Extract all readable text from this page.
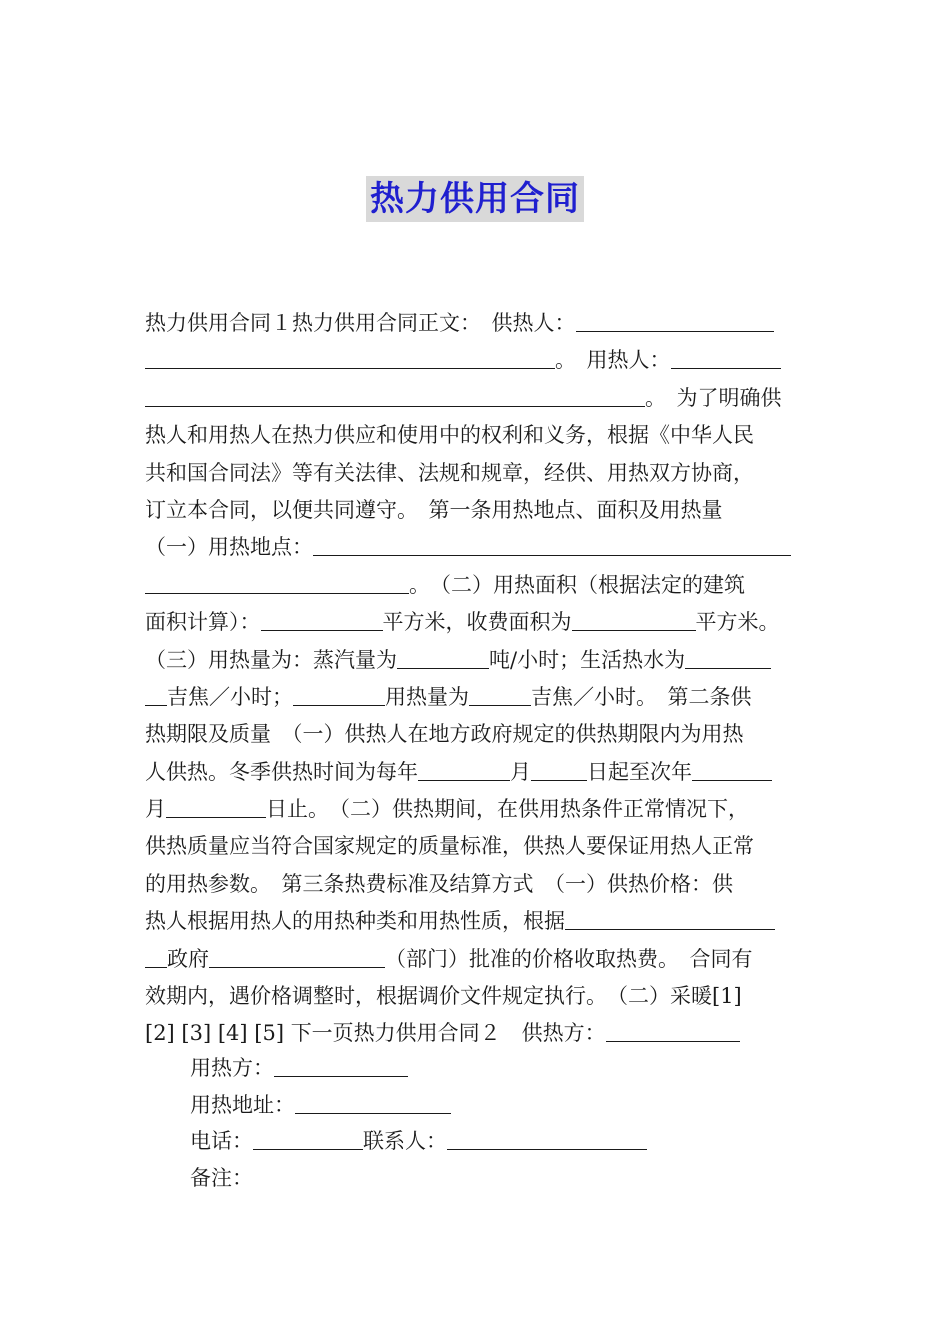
热力供用合同
热力供用合同１热力供用合同正文：　供热人：
。　用热人：
。　为了明确供
热人和用热人在热力供应和使用中的权利和义务，根据《中华人民
共和国合同法》等有关法律、法规和规章，经供、用热双方协商，
订立本合同，以便共同遵守。　第一条用热地点、面积及用热量
（一）用热地点：
。　（二）用热面积（根据法定的建筑
面积计算）：	平方米，收费面积为	平方米。
（三）用热量为：蒸汽量为	吨/小时；生活热水为
吉焦／小时；	用热量为	吉焦／小时。　第二条供
热期限及质量　（一）供热人在地方政府规定的供热期限内为用热
人供热。冬季供热时间为每年	月	日起至次年
月	日止。　（二）供热期间，在供用热条件正常情况下，
供热质量应当符合国家规定的质量标准，供热人要保证用热人正常
的用热参数。　第三条热费标准及结算方式　（一）供热价格：供
热人根据用热人的用热种类和用热性质，根据
政府	（部门）批准的价格收取热费。　合同有
效期内，遇价格调整时，根据调价文件规定执行。　（二）采暖[1]
[2] [3] [4] [5] 下一页热力供用合同２　供热方：
用热方：
用热地址：
电话：	联系人：
备注：
